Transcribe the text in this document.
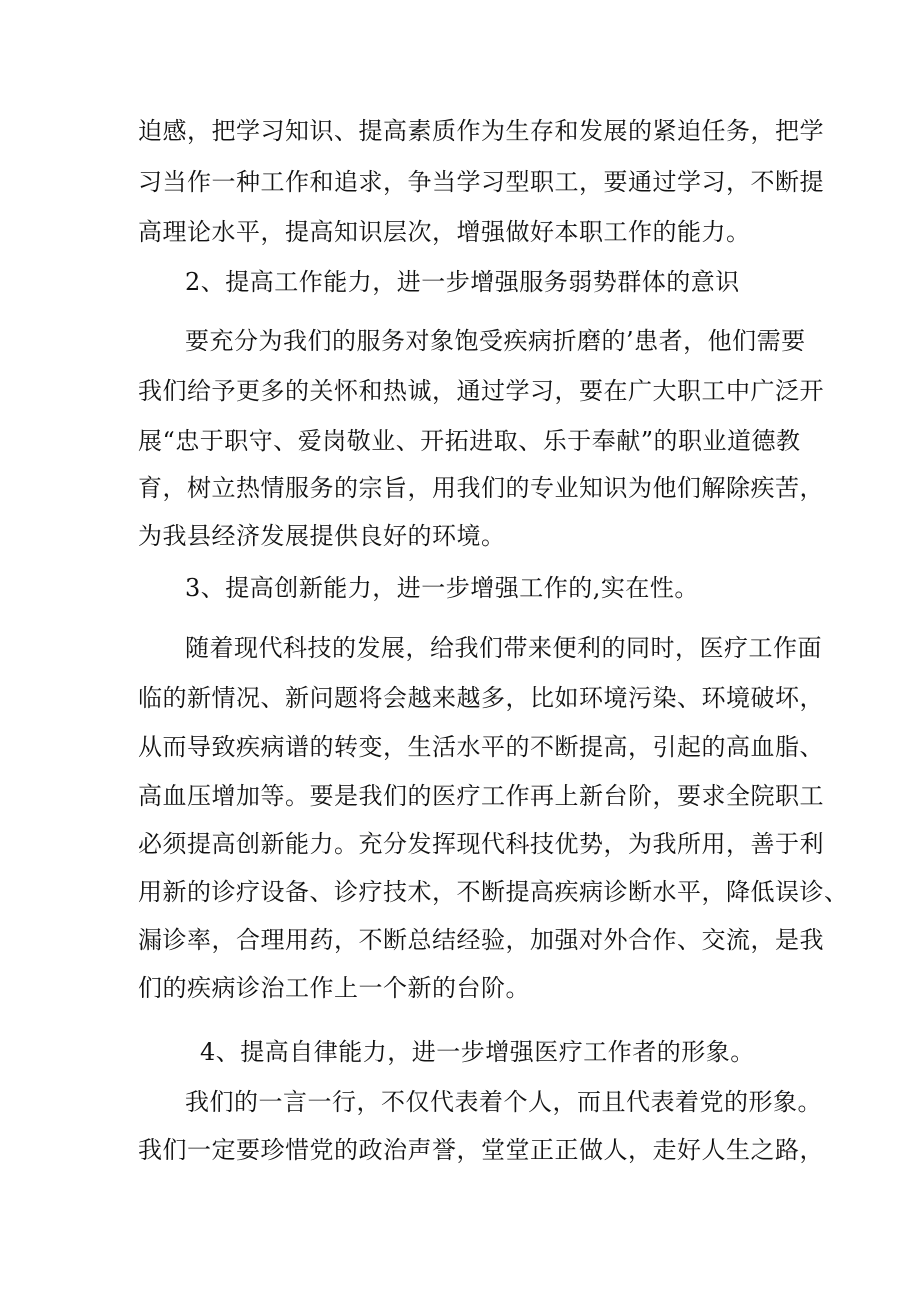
迫感，把学习知识、提高素质作为生存和发展的紧迫任务，把学
习当作一种工作和追求，争当学习型职工，要通过学习，不断提
高理论水平，提高知识层次，增强做好本职工作的能力。
2、提高工作能力，进一步增强服务弱势群体的意识
要充分为我们的服务对象饱受疾病折磨的’患者，他们需要
我们给予更多的关怀和热诚，通过学习，要在广大职工中广泛开
展“忠于职守、爱岗敬业、开拓进取、乐于奉献”的职业道德教
育，树立热情服务的宗旨，用我们的专业知识为他们解除疾苦，
为我县经济发展提供良好的环境。
3、提高创新能力，进一步增强工作的,实在性。
随着现代科技的发展，给我们带来便利的同时，医疗工作面
临的新情况、新问题将会越来越多，比如环境污染、环境破坏，
从而导致疾病谱的转变，生活水平的不断提高，引起的高血脂、
高血压增加等。要是我们的医疗工作再上新台阶，要求全院职工
必须提高创新能力。充分发挥现代科技优势，为我所用，善于利
用新的诊疗设备、诊疗技术，不断提高疾病诊断水平，降低误诊、
漏诊率，合理用药，不断总结经验，加强对外合作、交流，是我
们的疾病诊治工作上一个新的台阶。
4、提高自律能力，进一步增强医疗工作者的形象。
我们的一言一行，不仅代表着个人，而且代表着党的形象。
我们一定要珍惜党的政治声誉，堂堂正正做人，走好人生之路，
